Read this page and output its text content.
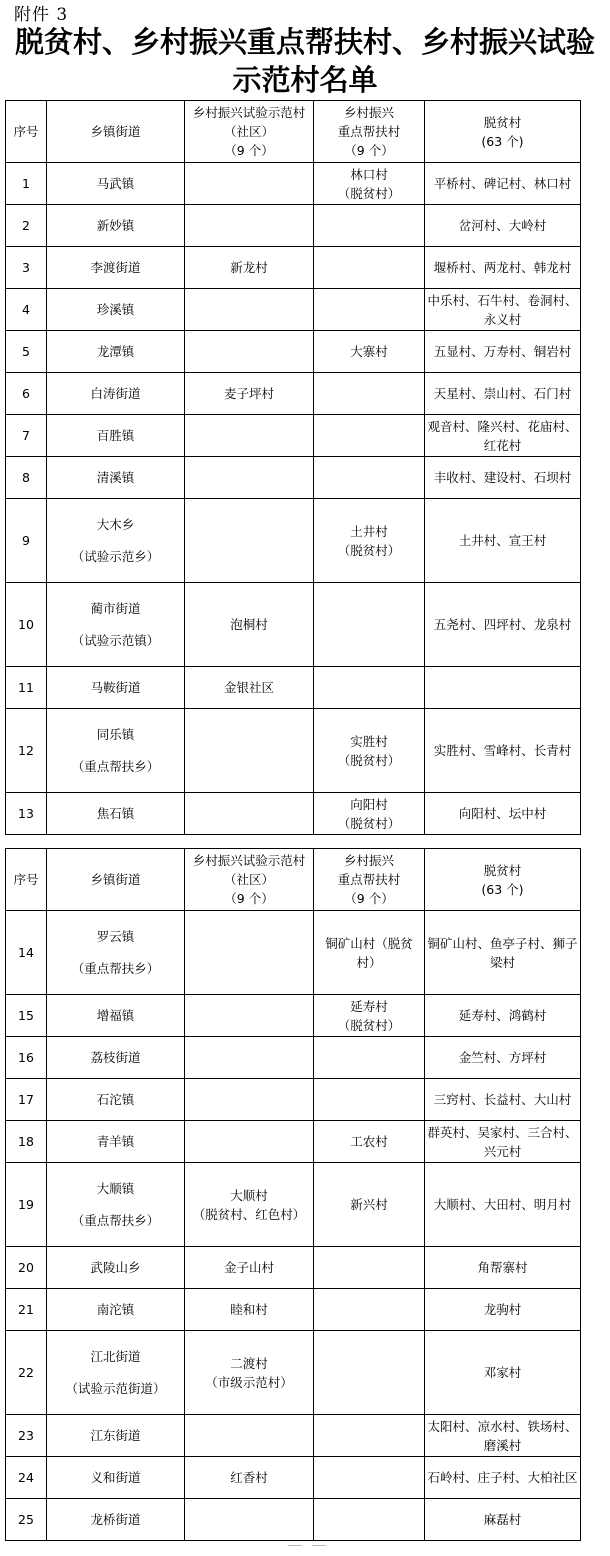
附件 3
脱贫村、乡村振兴重点帮扶村、乡村振兴试验
示范村名单
序号	乡镇街道	乡村振兴试验示范村
（社区）
（9 个）	乡村振兴
重点帮扶村
（9 个）	脱贫村
(63 个)

1	马武镇		林口村
（脱贫村）	平桥村、碑记村、林口村

2	新妙镇			岔河村、大岭村

3	李渡街道	新龙村		堰桥村、两龙村、韩龙村

4	珍溪镇			中乐村、石牛村、卷洞村、永义村

5	龙潭镇		大寨村	五显村、万寿村、铜岩村

6	白涛街道	麦子坪村		天星村、崇山村、石门村

7	百胜镇			观音村、隆兴村、花庙村、红花村

8	清溪镇			丰收村、建设村、石坝村

9	大木乡
（试验示范乡）		土井村
（脱贫村）	土井村、宣王村

10	蔺市街道
（试验示范镇）	泡桐村		五尧村、四坪村、龙泉村

11	马鞍街道	金银社区		

12	同乐镇
（重点帮扶乡）		实胜村
（脱贫村）	实胜村、雪峰村、长青村

13	焦石镇		向阳村
（脱贫村）	向阳村、坛中村
序号	乡镇街道	乡村振兴试验示范村
（社区）
（9 个）	乡村振兴
重点帮扶村
（9 个）	脱贫村
(63 个)

14	罗云镇
（重点帮扶乡）		铜矿山村（脱贫村）	铜矿山村、鱼亭子村、狮子梁村

15	增福镇		延寿村
（脱贫村）	延寿村、鸿鹤村

16	荔枝街道			金竺村、方坪村

17	石沱镇			三窍村、长益村、大山村

18	青羊镇		工农村	群英村、吴家村、三合村、兴元村

19	大顺镇
（重点帮扶乡）	大顺村
（脱贫村、红色村）	新兴村	大顺村、大田村、明月村

20	武陵山乡	金子山村		角帮寨村

21	南沱镇	睦和村		龙驹村

22	江北街道
（试验示范街道）	二渡村
（市级示范村）		邓家村

23	江东街道			太阳村、凉水村、铁场村、磨溪村

24	义和街道	红香村		石岭村、庄子村、大柏社区

25	龙桥街道			麻磊村
